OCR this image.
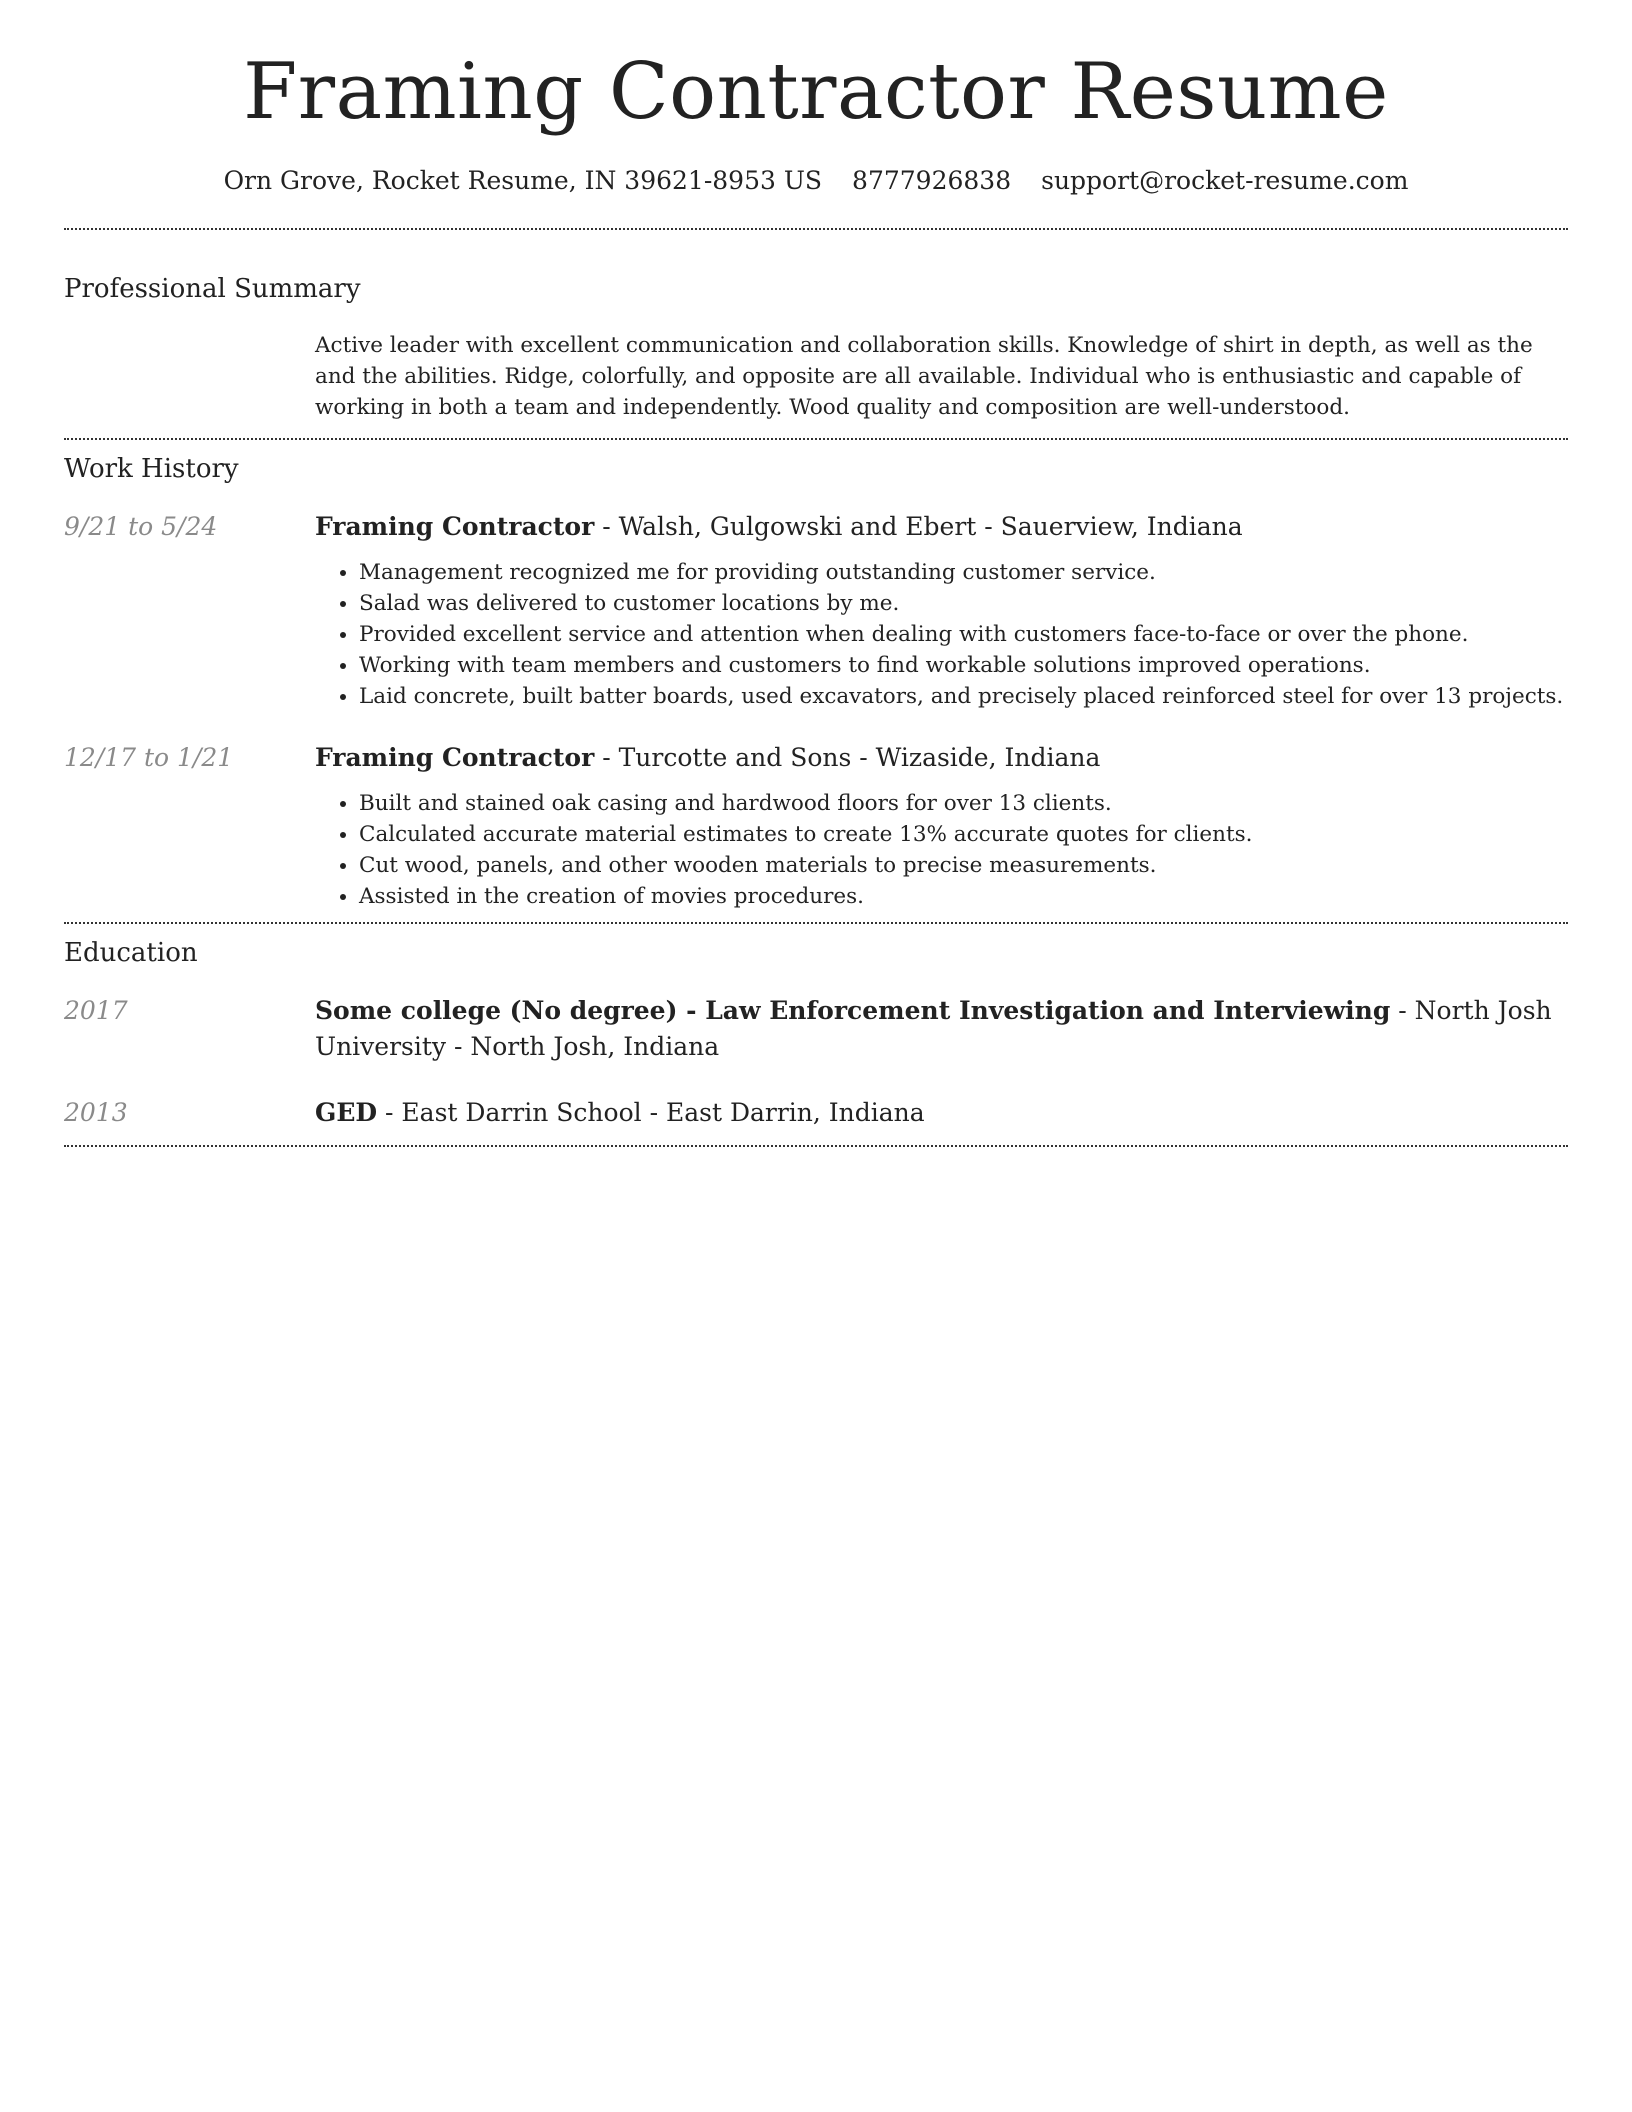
Framing Contractor Resume
Orn Grove, Rocket Resume, IN 39621-8953 US 8777926838 support@rocket-resume.com
Professional Summary
Active leader with excellent communication and collaboration skills. Knowledge of shirt in depth, as well as the and the abilities. Ridge, colorfully, and opposite are all available. Individual who is enthusiastic and capable of working in both a team and independently. Wood quality and composition are well-understood.
Work History
9/21 to 5/24	Framing Contractor - Walsh, Gulgowski and Ebert - Sauerview, Indiana
• Management recognized me for providing outstanding customer service.
• Salad was delivered to customer locations by me.
• Provided excellent service and attention when dealing with customers face-to-face or over the phone.
• Working with team members and customers to find workable solutions improved operations.
• Laid concrete, built batter boards, used excavators, and precisely placed reinforced steel for over 13 projects.
12/17 to 1/21	Framing Contractor - Turcotte and Sons - Wizaside, Indiana
• Built and stained oak casing and hardwood floors for over 13 clients.
• Calculated accurate material estimates to create 13% accurate quotes for clients.
• Cut wood, panels, and other wooden materials to precise measurements.
• Assisted in the creation of movies procedures.
Education
2017	Some college (No degree) - Law Enforcement Investigation and Interviewing - North Josh University - North Josh, Indiana
2013	GED - East Darrin School - East Darrin, Indiana
